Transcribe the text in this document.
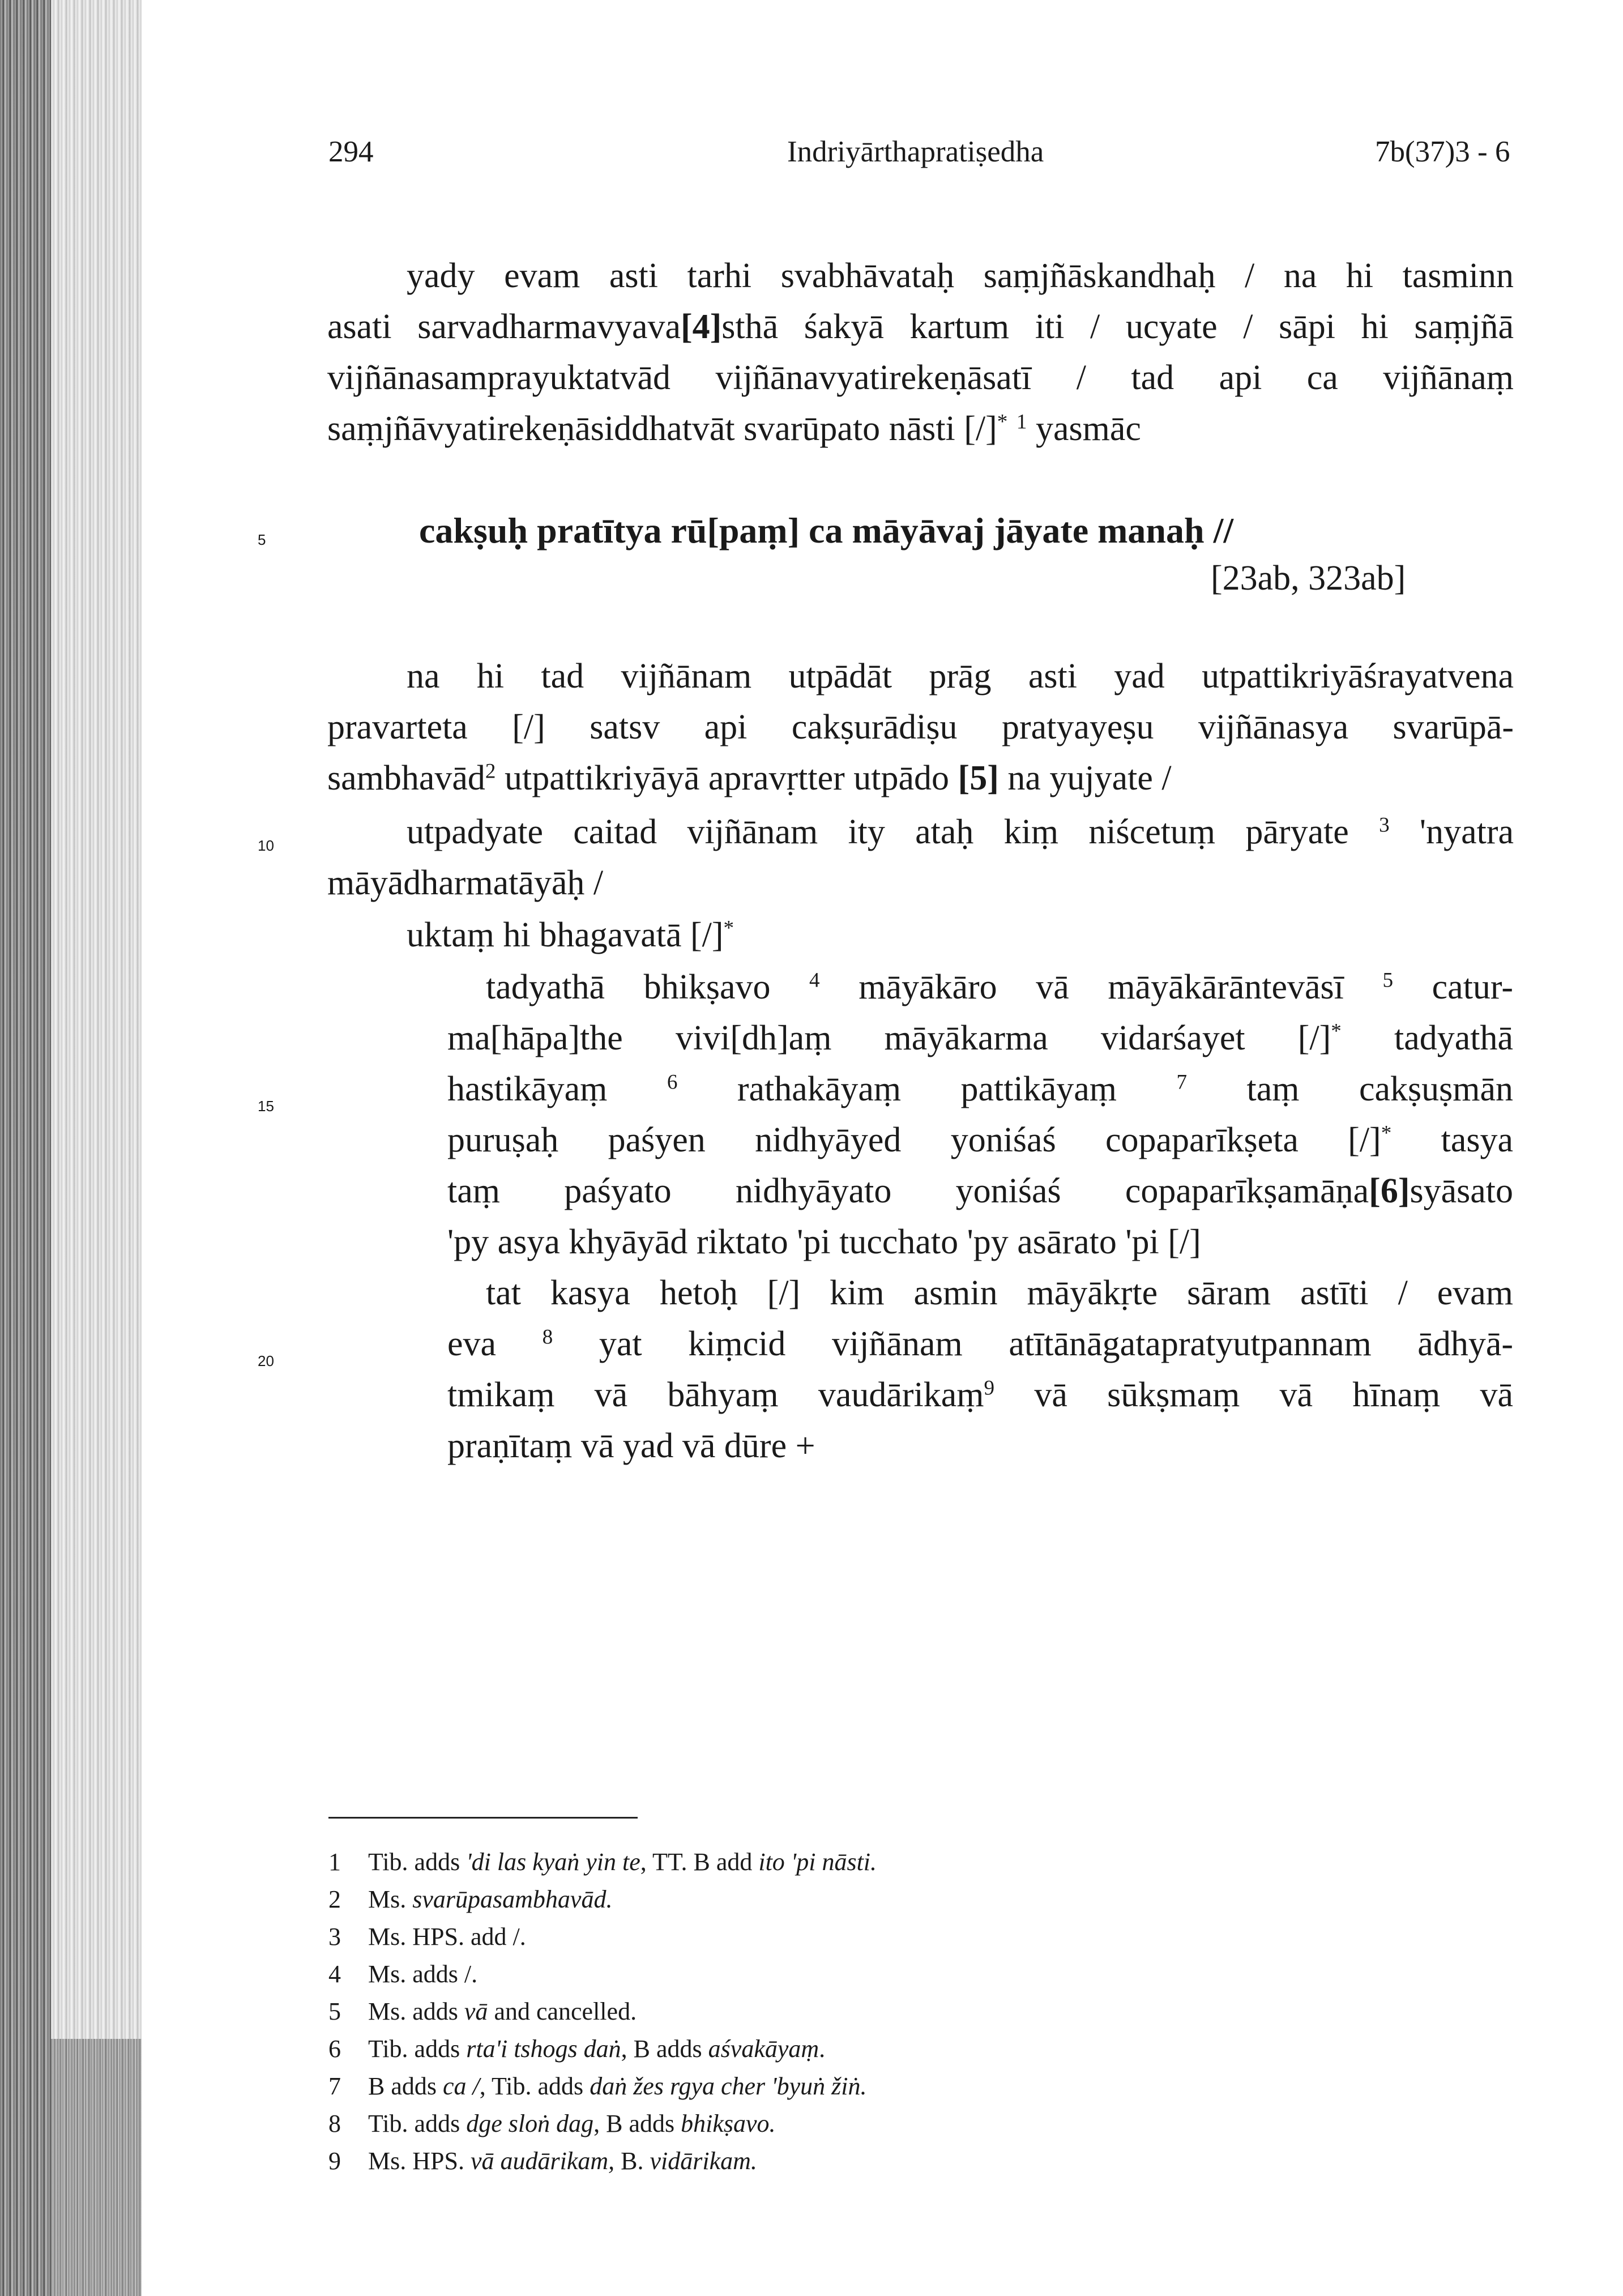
294	Indriyārthapratiṣedha	7b(37)3 - 6
5
10
15
20
yady evam asti tarhi svabhāvataḥ saṃjñāskandhaḥ / na hi tasminn
asati sarvadharmavyava[4]sthā śakyā kartum iti / ucyate / sāpi hi saṃjñā
vijñānasamprayuktatvād vijñānavyatirekeṇāsatī / tad api ca vijñānaṃ
saṃjñāvyatirekeṇāsiddhatvāt svarūpato nāsti [/]* $^1$ yasmāc
cakṣuḥ pratītya rū[paṃ] ca māyāvaj jāyate manaḥ //
[23ab, 323ab]
na hi tad vijñānam utpādāt prāg asti yad utpattikriyāśrayatvena
pravarteta [/] satsv api cakṣurādiṣu pratyayeṣu vijñānasya svarūpā-
sambhavād$^2$ utpattikriyāyā apravṛtter utpādo [5] na yujyate /
utpadyate caitad vijñānam ity ataḥ kiṃ niścetuṃ pāryate $^3$ 'nyatra
māyādharmatāyāḥ /
uktaṃ hi bhagavatā [/]*
tadyathā bhikṣavo $^4$ māyākāro vā māyākārāntevāsī $^5$ catur-
ma[hāpa]the vivi[dh]aṃ māyākarma vidarśayet [/]* tadyathā
hastikāyaṃ $^6$ rathakāyaṃ pattikāyaṃ $^7$ taṃ cakṣuṣmān
puruṣaḥ paśyen nidhyāyed yoniśaś copaparīkṣeta [/]* tasya
taṃ paśyato nidhyāyato yoniśaś copaparīkṣamāṇa[6]syāsato
'py asya khyāyād riktato 'pi tucchato 'py asārato 'pi [/]
tat kasya hetoḥ [/] kim asmin māyākṛte sāram astīti / evam
eva $^8$ yat kiṃcid vijñānam atītānāgatapratyutpannam ādhyā-
tmikaṃ vā bāhyaṃ vaudārikaṃ$^9$ vā sūkṣmaṃ vā hīnaṃ vā
praṇītaṃ vā yad vā dūre +
1 Tib. adds 'di las kyaṅ yin te, TT. B add ito 'pi nāsti.
2 Ms. svarūpasambhavād.
3 Ms. HPS. add /.
4 Ms. adds /.
5 Ms. adds vā and cancelled.
6 Tib. adds rta'i tshogs daṅ, B adds aśvakāyaṃ.
7 B adds ca /, Tib. adds daṅ žes rgya cher 'byuṅ žiṅ.
8 Tib. adds dge sloṅ dag, B adds bhikṣavo.
9 Ms. HPS. vā audārikam, B. vidārikam.
